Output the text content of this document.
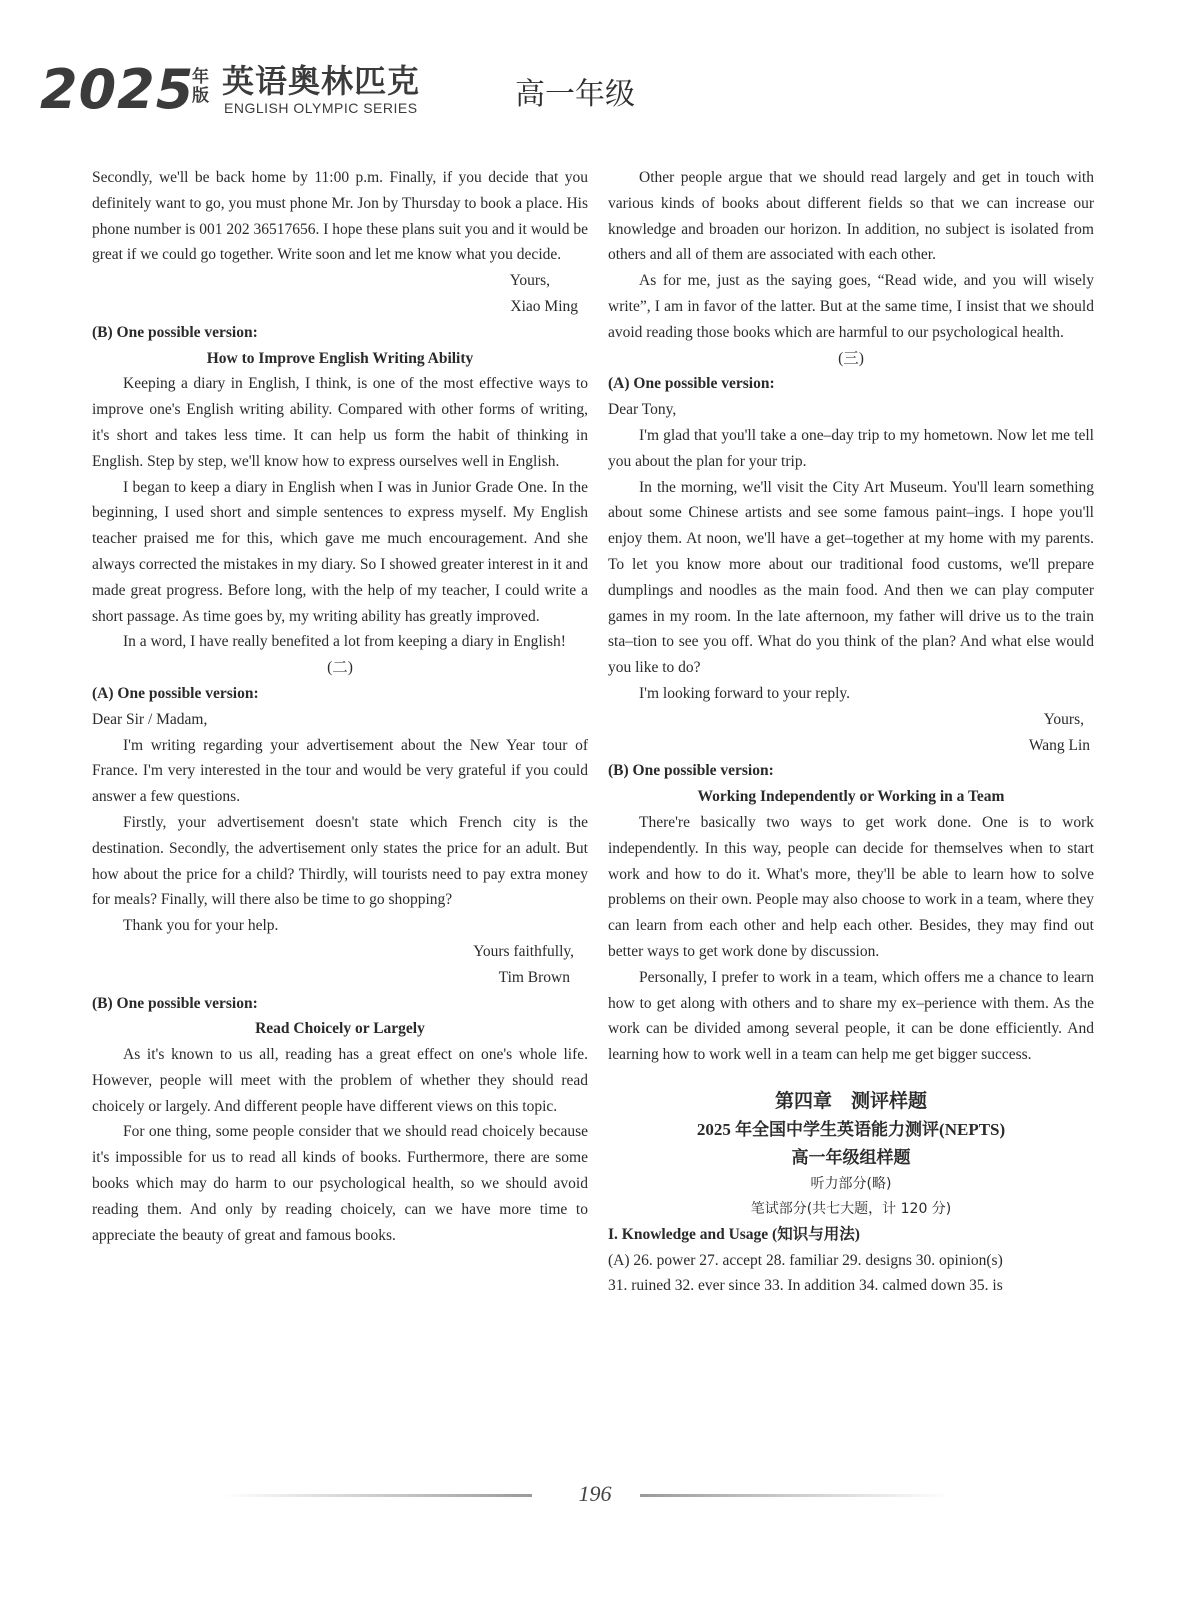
2025
年版 英语奥林匹克
ENGLISH OLYMPIC SERIES	高一年级

Secondly, we'll be back home by 11:00 p.m. Finally, if you decide that you definitely want to go, you must phone Mr. Jon by Thursday to book a place. His phone number is 001 202 36517656. I hope these plans suit you and it would be great if we could go together. Write soon and let me know what you decide.

Yours,

Xiao Ming

(B) One possible version:

How to Improve English Writing Ability

Keeping a diary in English, I think, is one of the most effective ways to improve one's English writing ability. Compared with other forms of writing, it's short and takes less time. It can help us form the habit of thinking in English. Step by step, we'll know how to express ourselves well in English.

I began to keep a diary in English when I was in Junior Grade One. In the beginning, I used short and simple sentences to express myself. My English teacher praised me for this, which gave me much encouragement. And she always corrected the mistakes in my diary. So I showed greater interest in it and made great progress. Before long, with the help of my teacher, I could write a short passage. As time goes by, my writing ability has greatly improved.

In a word, I have really benefited a lot from keeping a diary in English!

(二)

(A) One possible version:

Dear Sir / Madam,

I'm writing regarding your advertisement about the New Year tour of France. I'm very interested in the tour and would be very grateful if you could answer a few questions.

Firstly, your advertisement doesn't state which French city is the destination. Secondly, the advertisement only states the price for an adult. But how about the price for a child? Thirdly, will tourists need to pay extra money for meals? Finally, will there also be time to go shopping?

Thank you for your help.

Yours faithfully,

Tim Brown

(B) One possible version:

Read Choicely or Largely

As it's known to us all, reading has a great effect on one's whole life. However, people will meet with the problem of whether they should read choicely or largely. And different people have different views on this topic.

For one thing, some people consider that we should read choicely because it's impossible for us to read all kinds of books. Furthermore, there are some books which may do harm to our psychological health, so we should avoid reading them. And only by reading choicely, can we have more time to appreciate the beauty of great and famous books.

Other people argue that we should read largely and get in touch with various kinds of books about different fields so that we can increase our knowledge and broaden our horizon. In addition, no subject is isolated from others and all of them are associated with each other.

As for me, just as the saying goes, “Read wide, and you will wisely write”, I am in favor of the latter. But at the same time, I insist that we should avoid reading those books which are harmful to our psychological health.

(三)

(A) One possible version:

Dear Tony,

I'm glad that you'll take a one–day trip to my hometown. Now let me tell you about the plan for your trip.

In the morning, we'll visit the City Art Museum. You'll learn something about some Chinese artists and see some famous paint–ings. I hope you'll enjoy them. At noon, we'll have a get–together at my home with my parents. To let you know more about our traditional food customs, we'll prepare dumplings and noodles as the main food. And then we can play computer games in my room. In the late afternoon, my father will drive us to the train sta–tion to see you off. What do you think of the plan? And what else would you like to do?

I'm looking forward to your reply.

Yours,

Wang Lin

(B) One possible version:

Working Independently or Working in a Team

There're basically two ways to get work done. One is to work independently. In this way, people can decide for themselves when to start work and how to do it. What's more, they'll be able to learn how to solve problems on their own. People may also choose to work in a team, where they can learn from each other and help each other. Besides, they may find out better ways to get work done by discussion.

Personally, I prefer to work in a team, which offers me a chance to learn how to get along with others and to share my ex–perience with them. As the work can be divided among several people, it can be done efficiently. And learning how to work well in a team can help me get bigger success.

第四章　测评样题

2025 年全国中学生英语能力测评(NEPTS)

高一年级组样题

听力部分(略)

笔试部分(共七大题，计 120 分)

I. Knowledge and Usage (知识与用法)

(A) 26. power 27. accept 28. familiar 29. designs 30. opinion(s)

31. ruined 32. ever since 33. In addition 34. calmed down 35. is

196
